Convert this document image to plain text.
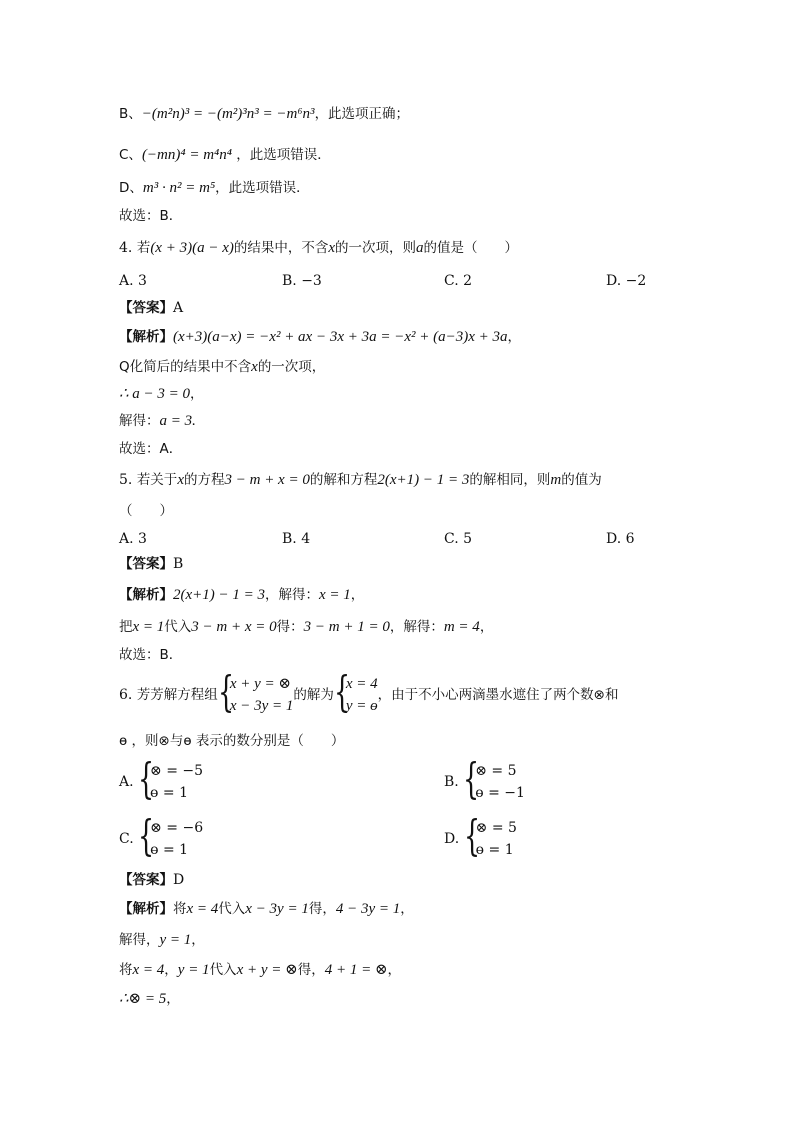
B、−(m²n)³ = −(m²)³n³ = −m⁶n³，此选项正确；
C、(−mn)⁴ = m⁴n⁴ ，此选项错误．
D、m³ · n² = m⁵，此选项错误．
故选：B．
4. 若(x + 3)(a − x)的结果中，不含x的一次项，则a的值是（　　）
A. 3	B. −3	C. 2	D. −2
【答案】A
【解析】(x+3)(a−x) = −x² + ax − 3x + 3a = −x² + (a−3)x + 3a，
Q化简后的结果中不含x的一次项，
∴ a − 3 = 0，
解得：a = 3.
故选：A．
5. 若关于x的方程3 − m + x = 0的解和方程2(x+1) − 1 = 3的解相同，则m的值为
（　　）
A. 3	B. 4	C. 5	D. 6
【答案】B
【解析】2(x+1) − 1 = 3，解得：x = 1，
把x = 1代入3 − m + x = 0得：3 − m + 1 = 0，解得：m = 4，
故选：B．
6. 芳芳解方程组 {
x + y = ⊗
x − 3y = 1
的解为 {
x = 4
y = ɵ
，由于不小心两滴墨水遮住了两个数⊗和
ɵ ，则⊗与ɵ 表示的数分别是（　　）
A. {
⊗ = −5
ɵ = 1
B. {
⊗ = 5
ɵ = −1
C. {
⊗ = −6
ɵ = 1
D. {
⊗ = 5
ɵ = 1
【答案】D
【解析】将x = 4代入x − 3y = 1得，4 − 3y = 1，
解得，y = 1，
将x = 4，y = 1代入x + y = ⊗得，4 + 1 = ⊗，
∴⊗ = 5，
